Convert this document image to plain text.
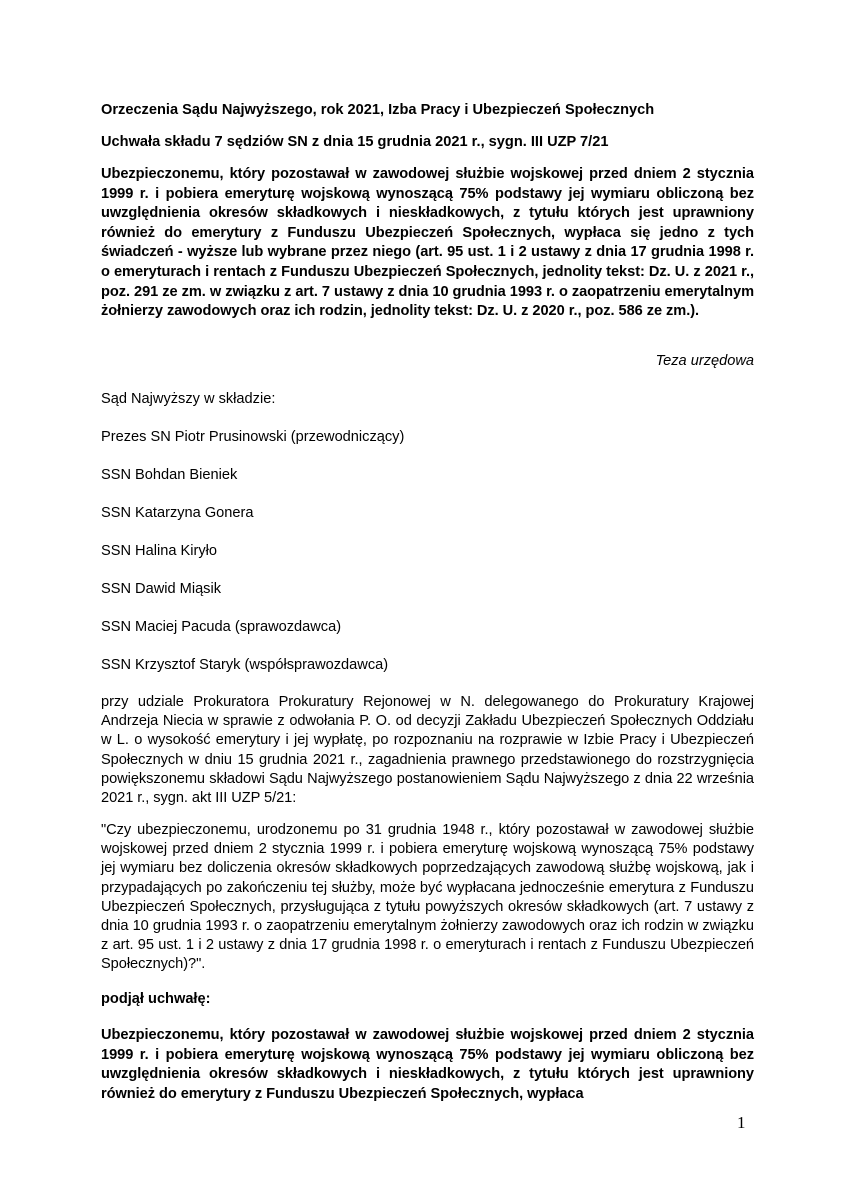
Orzeczenia Sądu Najwyższego, rok 2021, Izba Pracy i Ubezpieczeń Społecznych
Uchwała składu 7 sędziów SN z dnia 15 grudnia 2021 r., sygn. III UZP 7/21
Ubezpieczonemu, który pozostawał w zawodowej służbie wojskowej przed dniem 2 stycznia 1999 r. i pobiera emeryturę wojskową wynoszącą 75% podstawy jej wymiaru obliczoną bez uwzględnienia okresów składkowych i nieskładkowych, z tytułu których jest uprawniony również do emerytury z Funduszu Ubezpieczeń Społecznych, wypłaca się jedno z tych świadczeń - wyższe lub wybrane przez niego (art. 95 ust. 1 i 2 ustawy z dnia 17 grudnia 1998 r. o emeryturach i rentach z Funduszu Ubezpieczeń Społecznych, jednolity tekst: Dz. U. z 2021 r., poz. 291 ze zm. w związku z art. 7 ustawy z dnia 10 grudnia 1993 r. o zaopatrzeniu emerytalnym żołnierzy zawodowych oraz ich rodzin, jednolity tekst: Dz. U. z 2020 r., poz. 586 ze zm.).
Teza urzędowa
Sąd Najwyższy w składzie:
Prezes SN Piotr Prusinowski (przewodniczący)
SSN Bohdan Bieniek
SSN Katarzyna Gonera
SSN Halina Kiryło
SSN Dawid Miąsik
SSN Maciej Pacuda (sprawozdawca)
SSN Krzysztof Staryk (współsprawozdawca)
przy udziale Prokuratora Prokuratury Rejonowej w N. delegowanego do Prokuratury Krajowej Andrzeja Niecia w sprawie z odwołania P. O. od decyzji Zakładu Ubezpieczeń Społecznych Oddziału w L. o wysokość emerytury i jej wypłatę, po rozpoznaniu na rozprawie w Izbie Pracy i Ubezpieczeń Społecznych w dniu 15 grudnia 2021 r., zagadnienia prawnego przedstawionego do rozstrzygnięcia powiększonemu składowi Sądu Najwyższego postanowieniem Sądu Najwyższego z dnia 22 września 2021 r., sygn. akt III UZP 5/21:
"Czy ubezpieczonemu, urodzonemu po 31 grudnia 1948 r., który pozostawał w zawodowej służbie wojskowej przed dniem 2 stycznia 1999 r. i pobiera emeryturę wojskową wynoszącą 75% podstawy jej wymiaru bez doliczenia okresów składkowych poprzedzających zawodową służbę wojskową, jak i przypadających po zakończeniu tej służby, może być wypłacana jednocześnie emerytura z Funduszu Ubezpieczeń Społecznych, przysługująca z tytułu powyższych okresów składkowych (art. 7 ustawy z dnia 10 grudnia 1993 r. o zaopatrzeniu emerytalnym żołnierzy zawodowych oraz ich rodzin w związku z art. 95 ust. 1 i 2 ustawy z dnia 17 grudnia 1998 r. o emeryturach i rentach z Funduszu Ubezpieczeń Społecznych)?".
podjął uchwałę:
Ubezpieczonemu, który pozostawał w zawodowej służbie wojskowej przed dniem 2 stycznia 1999 r. i pobiera emeryturę wojskową wynoszącą 75% podstawy jej wymiaru obliczoną bez uwzględnienia okresów składkowych i nieskładkowych, z tytułu których jest uprawniony również do emerytury z Funduszu Ubezpieczeń Społecznych, wypłaca
1
